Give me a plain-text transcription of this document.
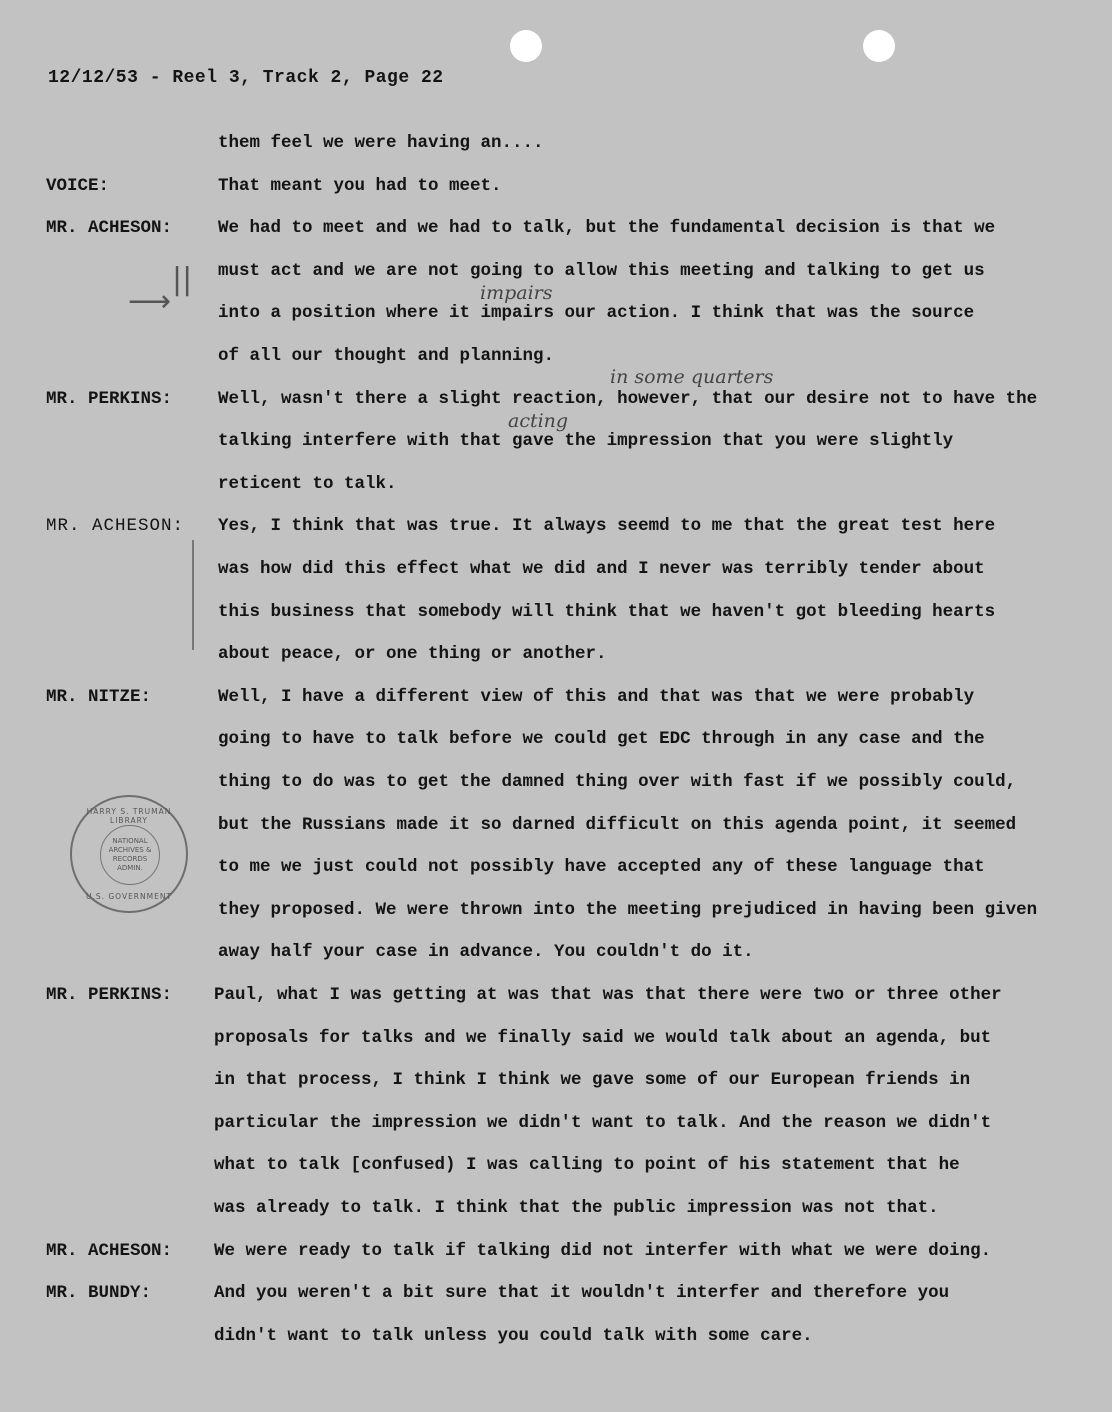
12/12/53 - Reel 3, Track 2, Page 22
them feel we were having an....
VOICE:	That meant you had to meet.
MR. ACHESON:	We had to meet and we had to talk, but the fundamental decision is that we
must act and we are not going to allow this meeting and talking to get us
into a position where it impairs our action. I think that was the source
of all our thought and planning.
MR. PERKINS:	Well, wasn't there a slight reaction, however, that our desire not to have the
talking interfere with that gave the impression that you were slightly
reticent to talk.
MR. ACHESON: Yes, I think that was true. It always seemd to me that the great test here
was how did this effect what we did and I never was terribly tender about
this business that somebody will think that we haven't got bleeding hearts
about peace, or one thing or another.
MR. NITZE:	Well, I have a different view of this and that was that we were probably
going to have to talk before we could get EDC through in any case and the
thing to do was to get the damned thing over with fast if we possibly could,
but the Russians made it so darned difficult on this agenda point, it seemed
to me we just could not possibly have accepted any of these language that
they proposed. We were thrown into the meeting prejudiced in having been given
away half your case in advance. You couldn't do it.
MR. PERKINS: Paul, what I was getting at was that was that there were two or three other
proposals for talks and we finally said we would talk about an agenda, but
in that process, I think I think we gave some of our European friends in
particular the impression we didn't want to talk. And the reason we didn't
what to talk [confused) I was calling to point of his statement that he
was already to talk. I think that the public impression was not that.
MR. ACHESON: We were ready to talk if talking did not interfer with what we were doing.
MR. BUNDY:	And you weren't a bit sure that it wouldn't interfer and therefore you
didn't want to talk unless you could talk with some care.
impairs
in some quarters
acting
||
⟶
HARRY S. TRUMAN LIBRARY
NATIONAL
ARCHIVES &
RECORDS
ADMIN.
U.S. GOVERNMENT
